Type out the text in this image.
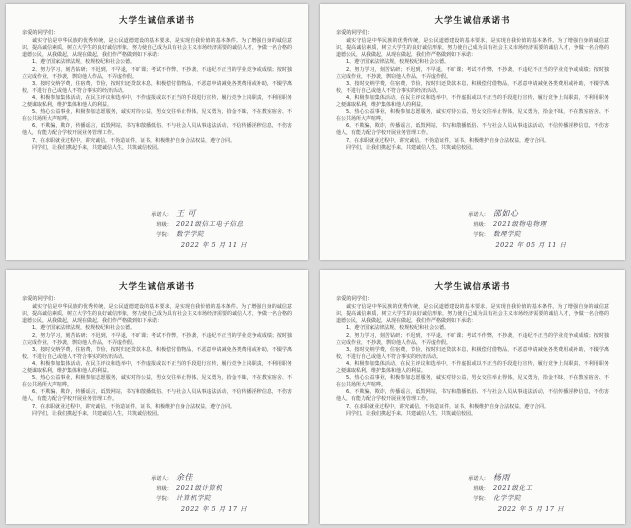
大学生诚信承诺书
亲爱的同学们：
诚实守信是中华民族的优秀传统，是公民道德建设的基本要求，是实现自我价值的基本条件。为了增强自身的诚信意识，提高诚信素质，树立大学生的良好诚信形象，努力使自己成为具有社会主义市场经济需要的诚信人才，争做一名合格的道德公民，从我做起，从现在做起，我们作严格做到如下承诺：
1、遵守国家法律法规，校规校纪和社会公德。
2、努力学习，刻苦钻研；不迟到，不早退，不旷课；考试不作弊，不抄袭，不违纪不正当的学业竞争或成绩；按时独立完成作业，不抄袭，剽窃他人作品，不弄虚作假。
3、按时交纳学费，住宿费，节俭，按时归还贷款本息，积极偿付借物品，不恶意申请减免各类费用或补助，不辍学离校，不进行自己或他人不符合事实的经济活动。
4、积极参加集体活动，在民主评议和选举中，不作虚报或以不正当的手段进行宣传，履行竞争上岗职责，不利用职务之便谋取私利，维护集体和他人的利益。
5、热心公益事业，积极参加志愿服务，诚实对待公益，男女交往举止得体，见义勇为，拾金不昧，不在教室宿舍、不在公共场所大声喧哗。
6、不欺骗，欺诈，传播谣言，诋毁网站，书写和散播低俗、不与社会人员从事违法活动，不信传播淫秽信息，不伤害他人，有能力配合学校开展业务管理工作。
7、在求职就业过程中，讲究诚信，不伪造证件，证书，积极维护自身合法权益，遵守合同。
同学们，让我们携起手来，共建诚信人生，共筑诚信校园。
承诺人： 王 可
班级： 2021级信工电子信息
学院： 数学学院
2022 年 5 月 11 日
大学生诚信承诺书
亲爱的同学们：
诚实守信是中华民族的优秀传统，是公民道德建设的基本要求，是实现自我价值的基本条件。为了增强自身的诚信意识，提高诚信素质，树立大学生的良好诚信形象，努力使自己成为具有社会主义市场经济需要的诚信人才，争做一名合格的道德公民，从我做起，从现在做起，我们作严格做到如下承诺：
1、遵守国家法律法规，校规校纪和社会公德。
2、努力学习，刻苦钻研；不迟到，不早退，不旷课；考试不作弊，不抄袭，不违纪不正当的学业竞争或成绩；按时独立完成作业，不抄袭，剽窃他人作品，不弄虚作假。
3、按时交纳学费，住宿费，节俭，按时归还贷款本息，积极偿付借物品，不恶意申请减免各类费用或补助，不辍学离校，不进行自己或他人不符合事实的经济活动。
4、积极参加集体活动，在民主评议和选举中，不作虚报或以不正当的手段进行宣传，履行竞争上岗职责，不利用职务之便谋取私利，维护集体和他人的利益。
5、热心公益事业，积极参加志愿服务，诚实对待公益，男女交往举止得体，见义勇为，拾金不昧，不在教室宿舍、不在公共场所大声喧哗。
6、不欺骗，欺诈，传播谣言，诋毁网站，书写和散播低俗、不与社会人员从事违法活动，不信传播淫秽信息，不伤害他人，有能力配合学校开展业务管理工作。
7、在求职就业过程中，讲究诚信，不伪造证件，证书，积极维护自身合法权益，遵守合同。
同学们，让我们携起手来，共建诚信人生，共筑诚信校园。
承诺人： 邵如心
班级： 2021级物电物理
学院： 数理学院
2022 年 05 月 11 日
大学生诚信承诺书
亲爱的同学们：
诚实守信是中华民族的优秀传统，是公民道德建设的基本要求，是实现自我价值的基本条件。为了增强自身的诚信意识，提高诚信素质，树立大学生的良好诚信形象，努力使自己成为具有社会主义市场经济需要的诚信人才，争做一名合格的道德公民，从我做起，从现在做起，我们作严格做到如下承诺：
1、遵守国家法律法规，校规校纪和社会公德。
2、努力学习，刻苦钻研；不迟到，不早退，不旷课；考试不作弊，不抄袭，不违纪不正当的学业竞争或成绩；按时独立完成作业，不抄袭，剽窃他人作品，不弄虚作假。
3、按时交纳学费，住宿费，节俭，按时归还贷款本息，积极偿付借物品，不恶意申请减免各类费用或补助，不辍学离校，不进行自己或他人不符合事实的经济活动。
4、积极参加集体活动，在民主评议和选举中，不作虚报或以不正当的手段进行宣传，履行竞争上岗职责，不利用职务之便谋取私利，维护集体和他人的利益。
5、热心公益事业，积极参加志愿服务，诚实对待公益，男女交往举止得体，见义勇为，拾金不昧，不在教室宿舍、不在公共场所大声喧哗。
6、不欺骗，欺诈，传播谣言，诋毁网站，书写和散播低俗、不与社会人员从事违法活动，不信传播淫秽信息，不伤害他人，有能力配合学校开展业务管理工作。
7、在求职就业过程中，讲究诚信，不伪造证件，证书，积极维护自身合法权益，遵守合同。
同学们，让我们携起手来，共建诚信人生，共筑诚信校园。
承诺人： 余佳
班级： 2021级计算机
学院： 计算机学院
2022 年 5 月 17 日
大学生诚信承诺书
亲爱的同学们：
诚实守信是中华民族的优秀传统，是公民道德建设的基本要求，是实现自我价值的基本条件。为了增强自身的诚信意识，提高诚信素质，树立大学生的良好诚信形象，努力使自己成为具有社会主义市场经济需要的诚信人才，争做一名合格的道德公民，从我做起，从现在做起，我们作严格做到如下承诺：
1、遵守国家法律法规，校规校纪和社会公德。
2、努力学习，刻苦钻研；不迟到，不早退，不旷课；考试不作弊，不抄袭，不违纪不正当的学业竞争或成绩；按时独立完成作业，不抄袭，剽窃他人作品，不弄虚作假。
3、按时交纳学费，住宿费，节俭，按时归还贷款本息，积极偿付借物品，不恶意申请减免各类费用或补助，不辍学离校，不进行自己或他人不符合事实的经济活动。
4、积极参加集体活动，在民主评议和选举中，不作虚报或以不正当的手段进行宣传，履行竞争上岗职责，不利用职务之便谋取私利，维护集体和他人的利益。
5、热心公益事业，积极参加志愿服务，诚实对待公益，男女交往举止得体，见义勇为，拾金不昧，不在教室宿舍、不在公共场所大声喧哗。
6、不欺骗，欺诈，传播谣言，诋毁网站，书写和散播低俗、不与社会人员从事违法活动，不信传播淫秽信息，不伤害他人，有能力配合学校开展业务管理工作。
7、在求职就业过程中，讲究诚信，不伪造证件，证书，积极维护自身合法权益，遵守合同。
同学们，让我们携起手来，共建诚信人生，共筑诚信校园。
承诺人： 杨雨
班级： 2021级化工
学院： 化学学院
2022 年 5 月 17 日
